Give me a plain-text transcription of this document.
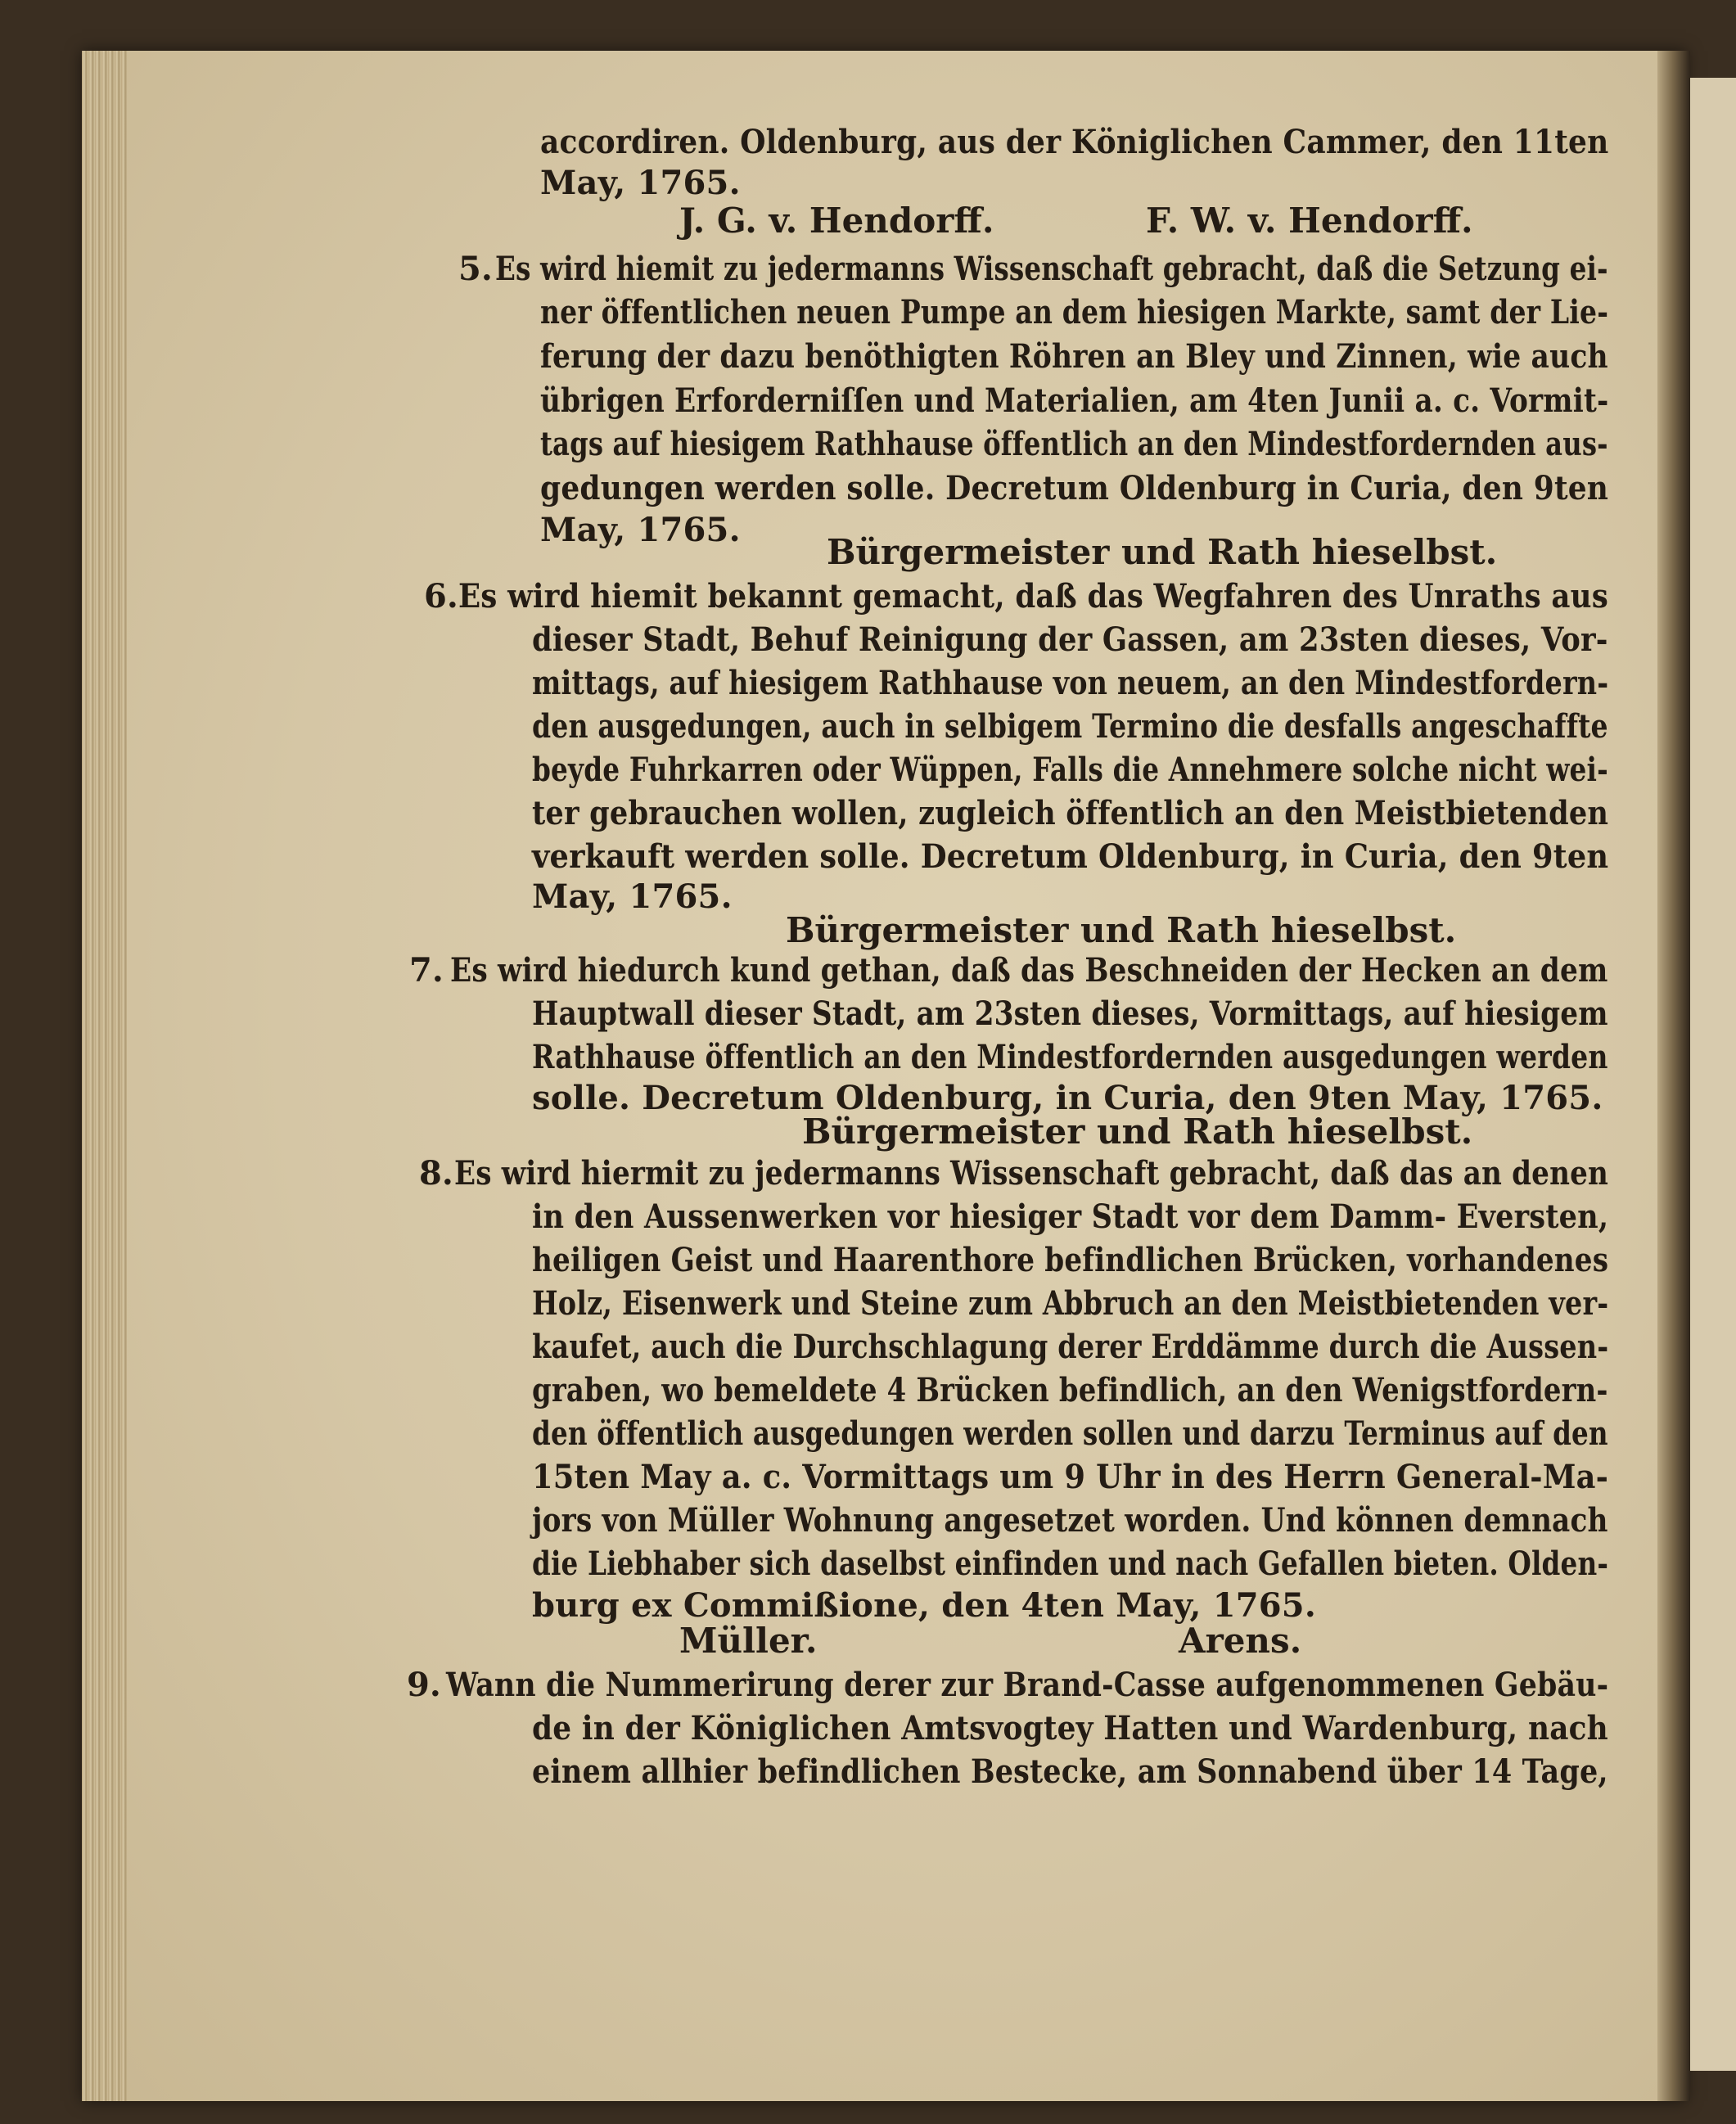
accordiren. Oldenburg, aus der Königlichen Cammer, den 11ten
May, 1765.
J. G. v. Hendorff.	F. W. v. Hendorff.
5. Es wird hiemit zu jedermanns Wissenschaft gebracht, daß die Setzung ei-
ner öffentlichen neuen Pumpe an dem hiesigen Markte, samt der Lie-
ferung der dazu benöthigten Röhren an Bley und Zinnen, wie auch
übrigen Erforderniſſen und Materialien, am 4ten Junii a. c. Vormit-
tags auf hiesigem Rathhause öffentlich an den Mindestfordernden aus-
gedungen werden solle. Decretum Oldenburg in Curia, den 9ten
May, 1765.
Bürgermeister und Rath hieselbst.
6. Es wird hiemit bekannt gemacht, daß das Wegfahren des Unraths aus
dieser Stadt, Behuf Reinigung der Gassen, am 23sten dieses, Vor-
mittags, auf hiesigem Rathhause von neuem, an den Mindestfordern-
den ausgedungen, auch in selbigem Termino die desfalls angeschaffte
beyde Fuhrkarren oder Wüppen, Falls die Annehmere solche nicht wei-
ter gebrauchen wollen, zugleich öffentlich an den Meistbietenden
verkauft werden solle. Decretum Oldenburg, in Curia, den 9ten
May, 1765.
Bürgermeister und Rath hieselbst.
7. Es wird hiedurch kund gethan, daß das Beschneiden der Hecken an dem
Hauptwall dieser Stadt, am 23sten dieses, Vormittags, auf hiesigem
Rathhause öffentlich an den Mindestfordernden ausgedungen werden
solle. Decretum Oldenburg, in Curia, den 9ten May, 1765.
Bürgermeister und Rath hieselbst.
8. Es wird hiermit zu jedermanns Wissenschaft gebracht, daß das an denen
in den Aussenwerken vor hiesiger Stadt vor dem Damm- Eversten,
heiligen Geist und Haarenthore befindlichen Brücken, vorhandenes
Holz, Eisenwerk und Steine zum Abbruch an den Meistbietenden ver-
kaufet, auch die Durchschlagung derer Erddämme durch die Aussen-
graben, wo bemeldete 4 Brücken befindlich, an den Wenigstfordern-
den öffentlich ausgedungen werden sollen und darzu Terminus auf den
15ten May a. c. Vormittags um 9 Uhr in des Herrn General-Ma-
jors von Müller Wohnung angesetzet worden. Und können demnach
die Liebhaber sich daselbst einfinden und nach Gefallen bieten. Olden-
burg ex Commißione, den 4ten May, 1765.
Müller.	Arens.
9. Wann die Nummerirung derer zur Brand-Casse aufgenommenen Gebäu-
de in der Königlichen Amtsvogtey Hatten und Wardenburg, nach
einem allhier befindlichen Bestecke, am Sonnabend über 14 Tage,
